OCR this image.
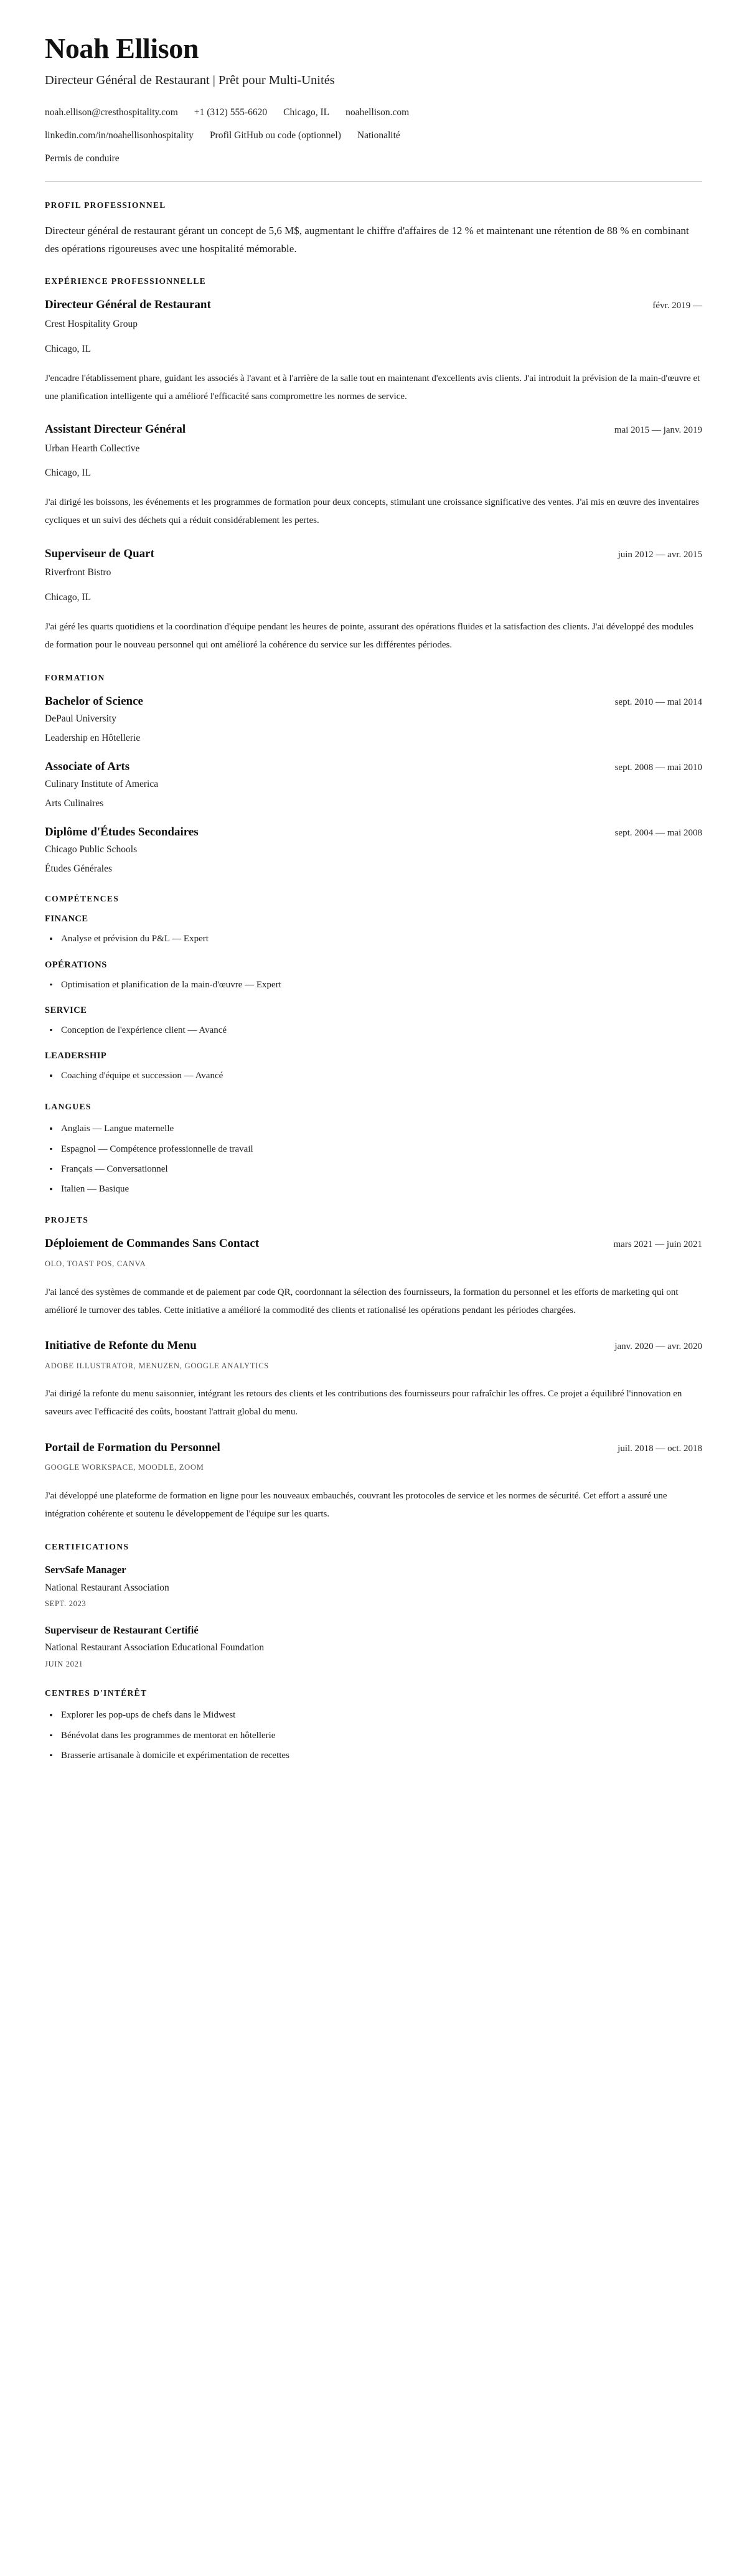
Noah Ellison
Directeur Général de Restaurant | Prêt pour Multi-Unités
noah.ellison@cresthospitality.com +1 (312) 555-6620 Chicago, IL noahellison.com
linkedin.com/in/noahellisonhospitality Profil GitHub ou code (optionnel) Nationalité
Permis de conduire
PROFIL PROFESSIONNEL

Directeur général de restaurant gérant un concept de 5,6 M$, augmentant le chiffre d'affaires de 12 % et maintenant une rétention de 88 % en combinant des opérations rigoureuses avec une hospitalité mémorable.

EXPÉRIENCE PROFESSIONNELLE
Directeur Général de Restaurant	févr. 2019 —
Crest Hospitality Group
Chicago, IL
J'encadre l'établissement phare, guidant les associés à l'avant et à l'arrière de la salle tout en maintenant d'excellents avis clients. J'ai introduit la prévision de la main-d'œuvre et une planification intelligente qui a amélioré l'efficacité sans compromettre les normes de service.
Assistant Directeur Général	mai 2015 — janv. 2019
Urban Hearth Collective
Chicago, IL
J'ai dirigé les boissons, les événements et les programmes de formation pour deux concepts, stimulant une croissance significative des ventes. J'ai mis en œuvre des inventaires cycliques et un suivi des déchets qui a réduit considérablement les pertes.
Superviseur de Quart	juin 2012 — avr. 2015
Riverfront Bistro
Chicago, IL
J'ai géré les quarts quotidiens et la coordination d'équipe pendant les heures de pointe, assurant des opérations fluides et la satisfaction des clients. J'ai développé des modules de formation pour le nouveau personnel qui ont amélioré la cohérence du service sur les différentes périodes.
FORMATION
Bachelor of Science	sept. 2010 — mai 2014
DePaul University
Leadership en Hôtellerie
Associate of Arts	sept. 2008 — mai 2010
Culinary Institute of America
Arts Culinaires
Diplôme d'Études Secondaires	sept. 2004 — mai 2008
Chicago Public Schools
Études Générales
COMPÉTENCES
FINANCE
Analyse et prévision du P&L — Expert
OPÉRATIONS
Optimisation et planification de la main-d'œuvre — Expert
SERVICE
Conception de l'expérience client — Avancé
LEADERSHIP
Coaching d'équipe et succession — Avancé
LANGUES
Anglais — Langue maternelle
Espagnol — Compétence professionnelle de travail
Français — Conversationnel
Italien — Basique
PROJETS
Déploiement de Commandes Sans Contact	mars 2021 — juin 2021
OLO, TOAST POS, CANVA
J'ai lancé des systèmes de commande et de paiement par code QR, coordonnant la sélection des fournisseurs, la formation du personnel et les efforts de marketing qui ont amélioré le turnover des tables. Cette initiative a amélioré la commodité des clients et rationalisé les opérations pendant les périodes chargées.
Initiative de Refonte du Menu	janv. 2020 — avr. 2020
ADOBE ILLUSTRATOR, MENUZEN, GOOGLE ANALYTICS
J'ai dirigé la refonte du menu saisonnier, intégrant les retours des clients et les contributions des fournisseurs pour rafraîchir les offres. Ce projet a équilibré l'innovation en saveurs avec l'efficacité des coûts, boostant l'attrait global du menu.
Portail de Formation du Personnel	juil. 2018 — oct. 2018
GOOGLE WORKSPACE, MOODLE, ZOOM
J'ai développé une plateforme de formation en ligne pour les nouveaux embauchés, couvrant les protocoles de service et les normes de sécurité. Cet effort a assuré une intégration cohérente et soutenu le développement de l'équipe sur les quarts.
CERTIFICATIONS
ServSafe Manager
National Restaurant Association
SEPT. 2023
Superviseur de Restaurant Certifié
National Restaurant Association Educational Foundation
JUIN 2021
CENTRES D'INTÉRÊT
Explorer les pop-ups de chefs dans le Midwest
Bénévolat dans les programmes de mentorat en hôtellerie
Brasserie artisanale à domicile et expérimentation de recettes
